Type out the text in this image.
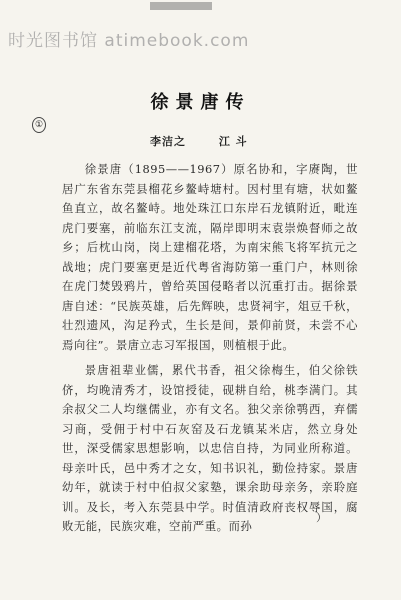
时光图书馆 atimebook.com
徐景唐传
①
李洁之	江 斗

徐景唐（1895——1967）原名协和，字赓陶，世居广东省东莞县榴花乡鳌峙塘村。因村里有塘，状如鳌鱼直立，故名鳌峙。地处珠江口东岸石龙镇附近，毗连虎门要塞，前临东江支流，隔岸即明末袁崇焕督师之故乡；后枕山岗，岗上建榴花塔，为南宋熊飞将军抗元之战地；虎门要塞更是近代粤省海防第一重门户，林则徐在虎门焚毁鸦片，曾给英国侵略者以沉重打击。据徐景唐自述：“民族英雄，后先辉映，忠贤祠宇，俎豆千秋，壮烈遗风，沟足矜式，生长是间，景仰前贤，未尝不心焉向往”。景唐立志习军报国，则植根于此。

景唐祖辈业儒，累代书香，祖父徐梅生，伯父徐铁侪，均晚清秀才，设馆授徒，砚耕自给，桃李满门。其余叔父二人均继儒业，亦有文名。独父亲徐鹗西，弃儒习商，受佣于村中石灰窑及石龙镇某米店，然立身处世，深受儒家思想影响，以忠信自持，为同业所称道。母亲叶氏，邑中秀才之女，知书识礼，勤俭持家。景唐幼年，就读于村中伯叔父家塾，课余助母亲务，亲聆庭训。及长，考入东莞县中学。时值清政府丧权辱国，腐败无能，民族灾难，空前严重。而孙

）
